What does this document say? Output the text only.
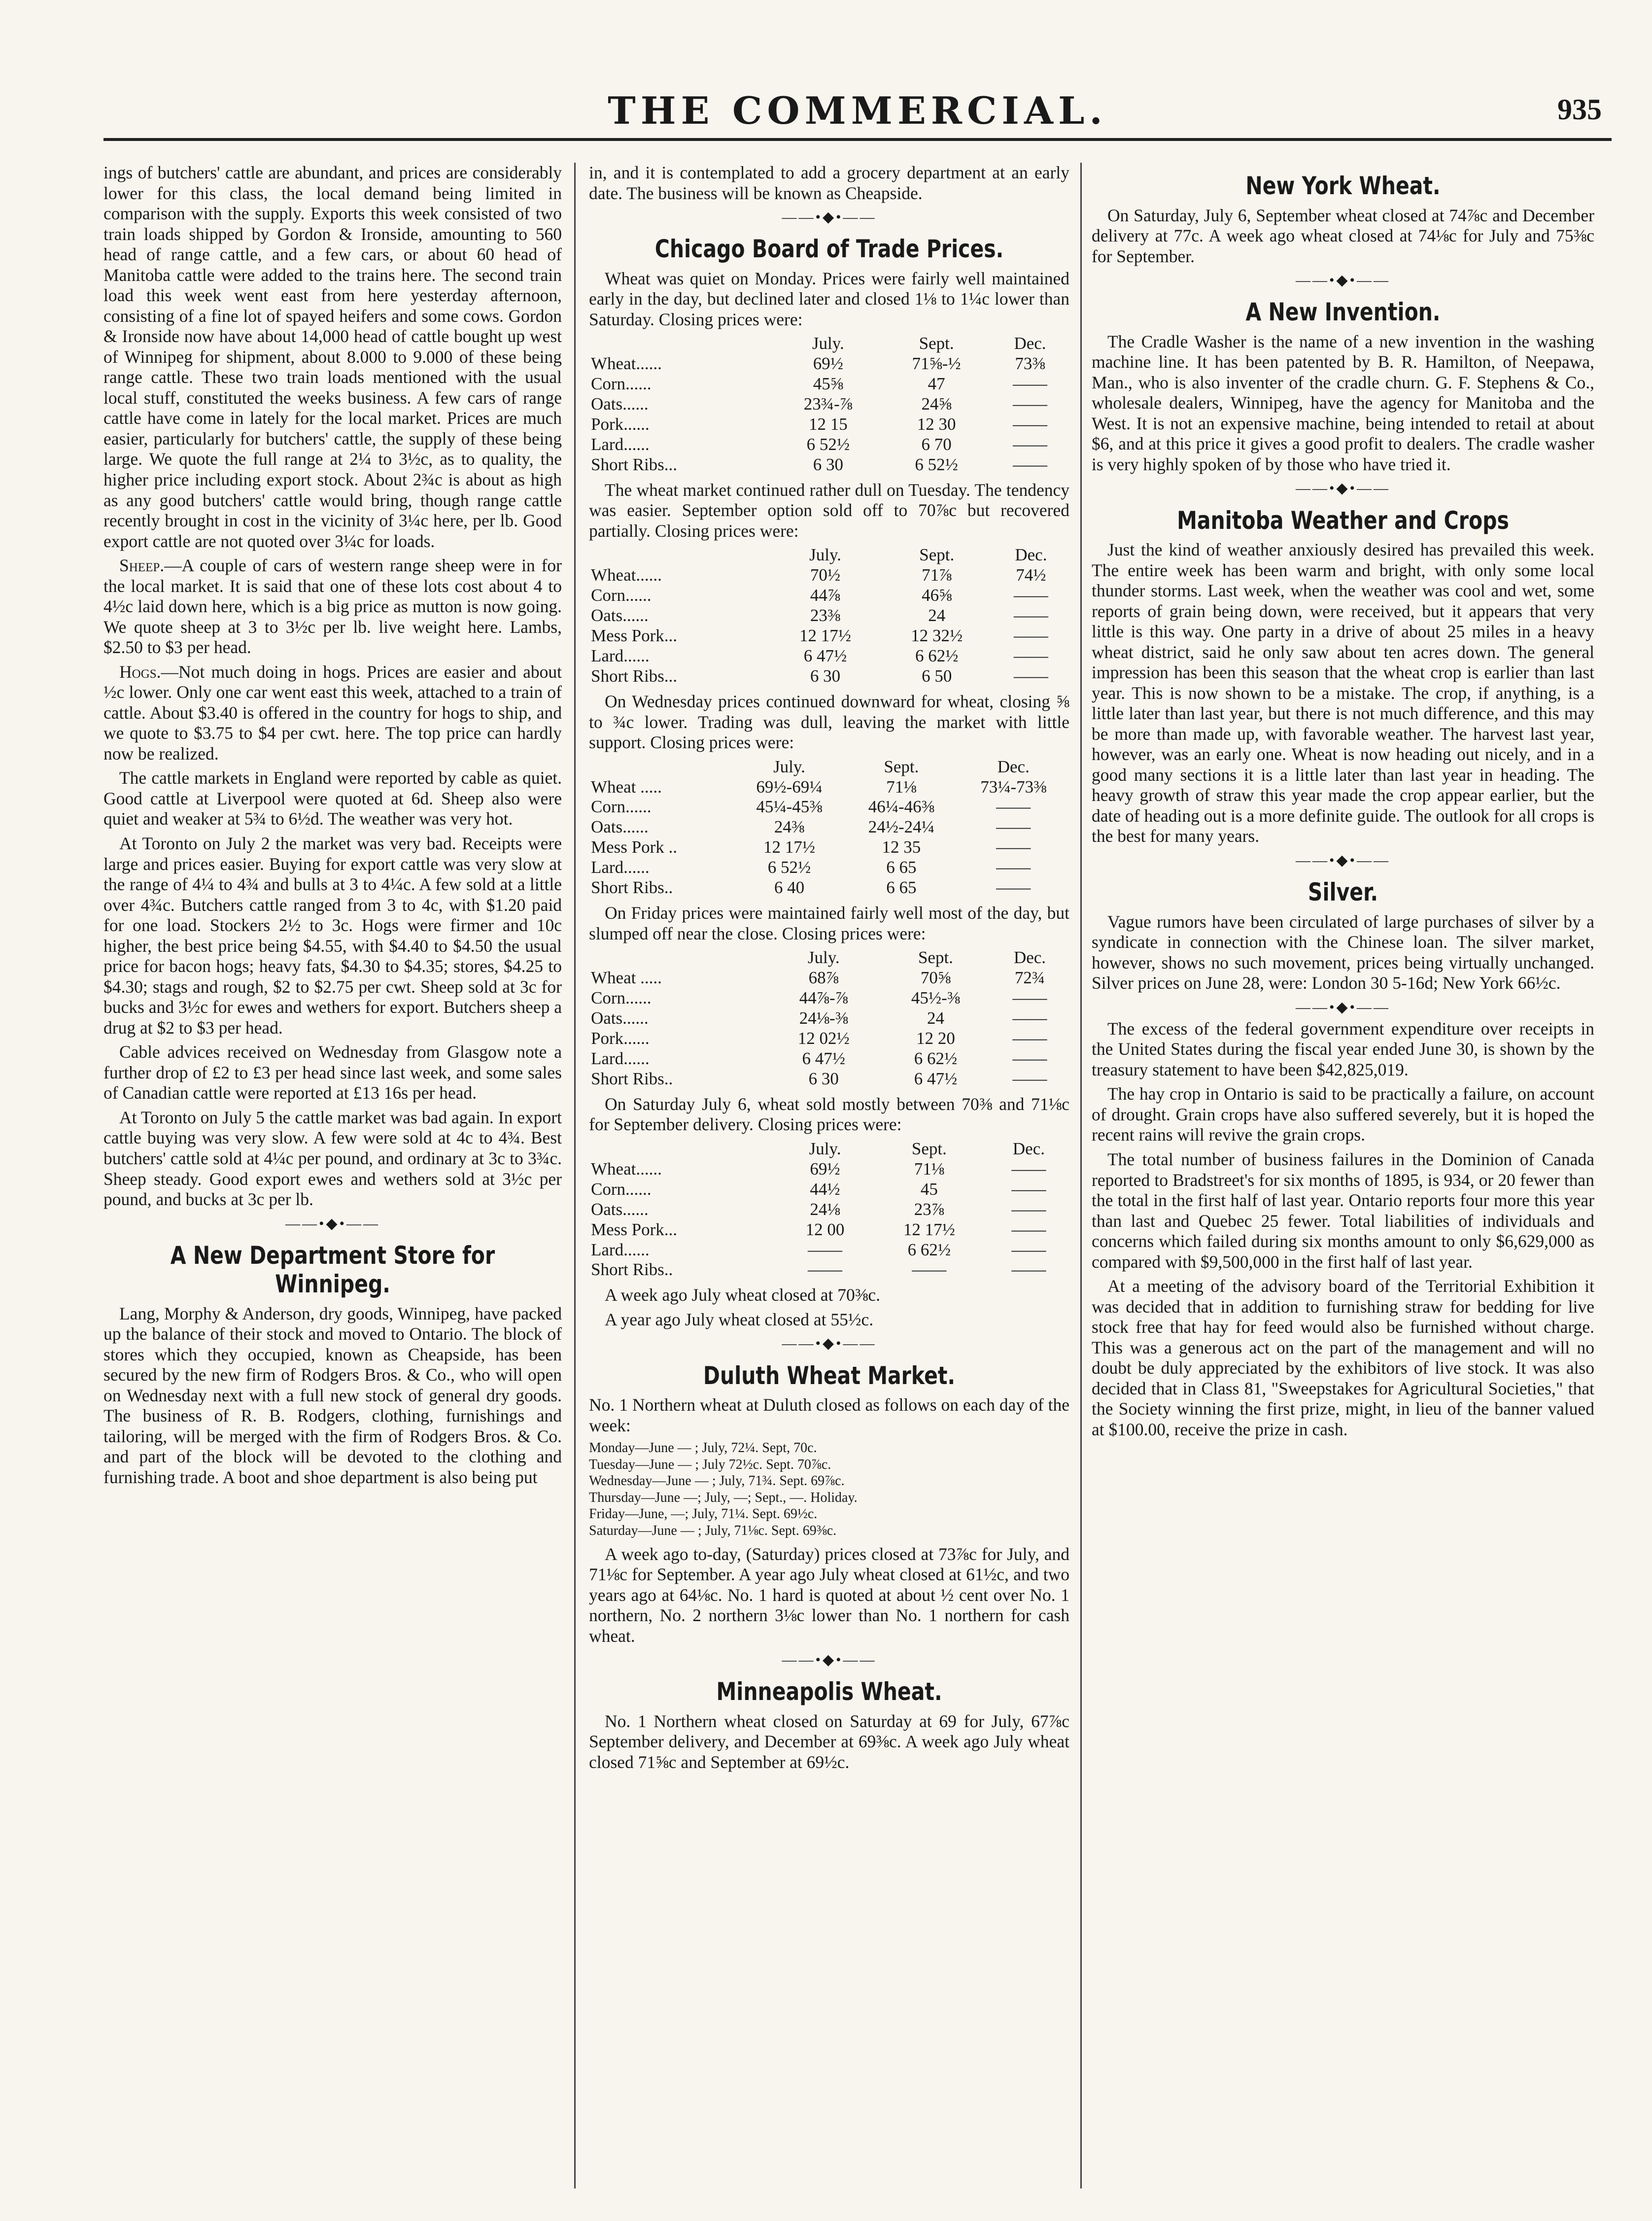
THE COMMERCIAL.	935

ings of butchers' cattle are abundant, and prices are considerably lower for this class, the local demand being limited in comparison with the supply. Exports this week consisted of two train loads shipped by Gordon & Ironside, amounting to 560 head of range cattle, and a few cars, or about 60 head of Manitoba cattle were added to the trains here. The second train load this week went east from here yesterday afternoon, consisting of a fine lot of spayed heifers and some cows. Gordon & Ironside now have about 14,000 head of cattle bought up west of Winnipeg for shipment, about 8.000 to 9.000 of these being range cattle. These two train loads mentioned with the usual local stuff, constituted the weeks business. A few cars of range cattle have come in lately for the local market. Prices are much easier, particularly for butchers' cattle, the supply of these being large. We quote the full range at 2¼ to 3½c, as to quality, the higher price including export stock. About 2¾c is about as high as any good butchers' cattle would bring, though range cattle recently brought in cost in the vicinity of 3¼c here, per lb. Good export cattle are not quoted over 3¼c for loads.

Sheep.—A couple of cars of western range sheep were in for the local market. It is said that one of these lots cost about 4 to 4½c laid down here, which is a big price as mutton is now going. We quote sheep at 3 to 3½c per lb. live weight here. Lambs, $2.50 to $3 per head.

Hogs.—Not much doing in hogs. Prices are easier and about ½c lower. Only one car went east this week, attached to a train of cattle. About $3.40 is offered in the country for hogs to ship, and we quote to $3.75 to $4 per cwt. here. The top price can hardly now be realized.

The cattle markets in England were reported by cable as quiet. Good cattle at Liverpool were quoted at 6d. Sheep also were quiet and weaker at 5¾ to 6½d. The weather was very hot.

At Toronto on July 2 the market was very bad. Receipts were large and prices easier. Buying for export cattle was very slow at the range of 4¼ to 4¾ and bulls at 3 to 4¼c. A few sold at a little over 4¾c. Butchers cattle ranged from 3 to 4c, with $1.20 paid for one load. Stockers 2½ to 3c. Hogs were firmer and 10c higher, the best price being $4.55, with $4.40 to $4.50 the usual price for bacon hogs; heavy fats, $4.30 to $4.35; stores, $4.25 to $4.30; stags and rough, $2 to $2.75 per cwt. Sheep sold at 3c for bucks and 3½c for ewes and wethers for export. Butchers sheep a drug at $2 to $3 per head.

Cable advices received on Wednesday from Glasgow note a further drop of £2 to £3 per head since last week, and some sales of Canadian cattle were reported at £13 16s per head.

At Toronto on July 5 the cattle market was bad again. In export cattle buying was very slow. A few were sold at 4c to 4¾. Best butchers' cattle sold at 4¼c per pound, and ordinary at 3c to 3¾c. Sheep steady. Good export ewes and wethers sold at 3½c per pound, and bucks at 3c per lb.

——•◆•——
A New Department Store for Winnipeg.

Lang, Morphy & Anderson, dry goods, Winnipeg, have packed up the balance of their stock and moved to Ontario. The block of stores which they occupied, known as Cheapside, has been secured by the new firm of Rodgers Bros. & Co., who will open on Wednesday next with a full new stock of general dry goods. The business of R. B. Rodgers, clothing, furnishings and tailoring, will be merged with the firm of Rodgers Bros. & Co. and part of the block will be devoted to the clothing and furnishing trade. A boot and shoe department is also being put

in, and it is contemplated to add a grocery department at an early date. The business will be known as Cheapside.

——•◆•——
Chicago Board of Trade Prices.

Wheat was quiet on Monday. Prices were fairly well maintained early in the day, but declined later and closed 1⅛ to 1¼c lower than Saturday. Closing prices were:

	July.	Sept.	Dec.
Wheat......	69½	71⅝-½	73⅜
Corn......	45⅝	47	——
Oats......	23¾-⅞	24⅝	——
Pork......	12 15	12 30	——
Lard......	6 52½	6 70	——
Short Ribs...	6 30	6 52½	——

The wheat market continued rather dull on Tuesday. The tendency was easier. September option sold off to 70⅞c but recovered partially. Closing prices were:

	July.	Sept.	Dec.
Wheat......	70½	71⅞	74½
Corn......	44⅞	46⅝	——
Oats......	23⅜	24	——
Mess Pork...	12 17½	12 32½	——
Lard......	6 47½	6 62½	——
Short Ribs...	6 30	6 50	——

On Wednesday prices continued downward for wheat, closing ⅝ to ¾c lower. Trading was dull, leaving the market with little support. Closing prices were:

	July.	Sept.	Dec.
Wheat .....	69½-69¼	71⅛	73¼-73⅜
Corn......	45¼-45⅜	46¼-46⅜	——
Oats......	24⅜	24½-24¼	——
Mess Pork ..	12 17½	12 35	——
Lard......	6 52½	6 65	——
Short Ribs..	6 40	6 65	——

On Friday prices were maintained fairly well most of the day, but slumped off near the close. Closing prices were:

	July.	Sept.	Dec.
Wheat .....	68⅞	70⅝	72¾
Corn......	44⅞-⅞	45½-⅜	——
Oats......	24⅛-⅜	24	——
Pork......	12 02½	12 20	——
Lard......	6 47½	6 62½	——
Short Ribs..	6 30	6 47½	——

On Saturday July 6, wheat sold mostly between 70⅜ and 71⅛c for September delivery. Closing prices were:

	July.	Sept.	Dec.
Wheat......	69½	71⅛	——
Corn......	44½	45	——
Oats......	24⅛	23⅞	——
Mess Pork...	12 00	12 17½	——
Lard......	——	6 62½	——
Short Ribs..	——	——	——

A week ago July wheat closed at 70⅜c.

A year ago July wheat closed at 55½c.

——•◆•——
Duluth Wheat Market.

No. 1 Northern wheat at Duluth closed as follows on each day of the week:

Monday—June — ; July, 72¼. Sept, 70c.
Tuesday—June — ; July 72½c. Sept. 70⅞c.
Wednesday—June — ; July, 71¾. Sept. 69⅞c.
Thursday—June —; July, —; Sept., —. Holiday.
Friday—June, —; July, 71¼. Sept. 69½c.
Saturday—June — ; July, 71⅛c. Sept. 69⅜c.

A week ago to-day, (Saturday) prices closed at 73⅞c for July, and 71⅛c for September. A year ago July wheat closed at 61½c, and two years ago at 64⅛c. No. 1 hard is quoted at about ½ cent over No. 1 northern, No. 2 northern 3⅛c lower than No. 1 northern for cash wheat.

——•◆•——
Minneapolis Wheat.

No. 1 Northern wheat closed on Saturday at 69 for July, 67⅞c September delivery, and December at 69⅜c. A week ago July wheat closed 71⅝c and September at 69½c.

New York Wheat.

On Saturday, July 6, September wheat closed at 74⅞c and December delivery at 77c. A week ago wheat closed at 74⅛c for July and 75⅜c for September.

——•◆•——
A New Invention.

The Cradle Washer is the name of a new invention in the washing machine line. It has been patented by B. R. Hamilton, of Neepawa, Man., who is also inventer of the cradle churn. G. F. Stephens & Co., wholesale dealers, Winnipeg, have the agency for Manitoba and the West. It is not an expensive machine, being intended to retail at about $6, and at this price it gives a good profit to dealers. The cradle washer is very highly spoken of by those who have tried it.

——•◆•——
Manitoba Weather and Crops

Just the kind of weather anxiously desired has prevailed this week. The entire week has been warm and bright, with only some local thunder storms. Last week, when the weather was cool and wet, some reports of grain being down, were received, but it appears that very little is this way. One party in a drive of about 25 miles in a heavy wheat district, said he only saw about ten acres down. The general impression has been this season that the wheat crop is earlier than last year. This is now shown to be a mistake. The crop, if anything, is a little later than last year, but there is not much difference, and this may be more than made up, with favorable weather. The harvest last year, however, was an early one. Wheat is now heading out nicely, and in a good many sections it is a little later than last year in heading. The heavy growth of straw this year made the crop appear earlier, but the date of heading out is a more definite guide. The outlook for all crops is the best for many years.

——•◆•——
Silver.

Vague rumors have been circulated of large purchases of silver by a syndicate in connection with the Chinese loan. The silver market, however, shows no such movement, prices being virtually unchanged. Silver prices on June 28, were: London 30 5-16d; New York 66½c.

——•◆•——

The excess of the federal government expenditure over receipts in the United States during the fiscal year ended June 30, is shown by the treasury statement to have been $42,825,019.

The hay crop in Ontario is said to be practically a failure, on account of drought. Grain crops have also suffered severely, but it is hoped the recent rains will revive the grain crops.

The total number of business failures in the Dominion of Canada reported to Bradstreet's for six months of 1895, is 934, or 20 fewer than the total in the first half of last year. Ontario reports four more this year than last and Quebec 25 fewer. Total liabilities of individuals and concerns which failed during six months amount to only $6,629,000 as compared with $9,500,000 in the first half of last year.

At a meeting of the advisory board of the Territorial Exhibition it was decided that in addition to furnishing straw for bedding for live stock free that hay for feed would also be furnished without charge. This was a generous act on the part of the management and will no doubt be duly appreciated by the exhibitors of live stock. It was also decided that in Class 81, "Sweepstakes for Agricultural Societies," that the Society winning the first prize, might, in lieu of the banner valued at $100.00, receive the prize in cash.
